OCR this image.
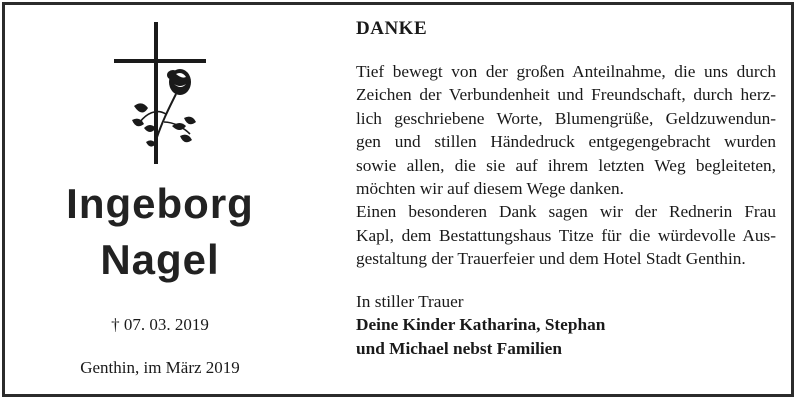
Ingeborg
Nagel
† 07. 03. 2019
Genthin, im März 2019
DANKE

Tief bewegt von der großen Anteilnahme, die uns durch
Zeichen der Verbundenheit und Freundschaft, durch herz-
lich geschriebene Worte, Blumengrüße, Geldzuwendun-
gen und stillen Händedruck entgegengebracht wurden
sowie allen, die sie auf ihrem letzten Weg begleiteten,
möchten wir auf diesem Wege danken.

Einen besonderen Dank sagen wir der Rednerin Frau
Kapl, dem Bestattungshaus Titze für die würdevolle Aus-
gestaltung der Trauerfeier und dem Hotel Stadt Genthin.

In stiller Trauer
Deine Kinder Katharina, Stephan
und Michael nebst Familien
